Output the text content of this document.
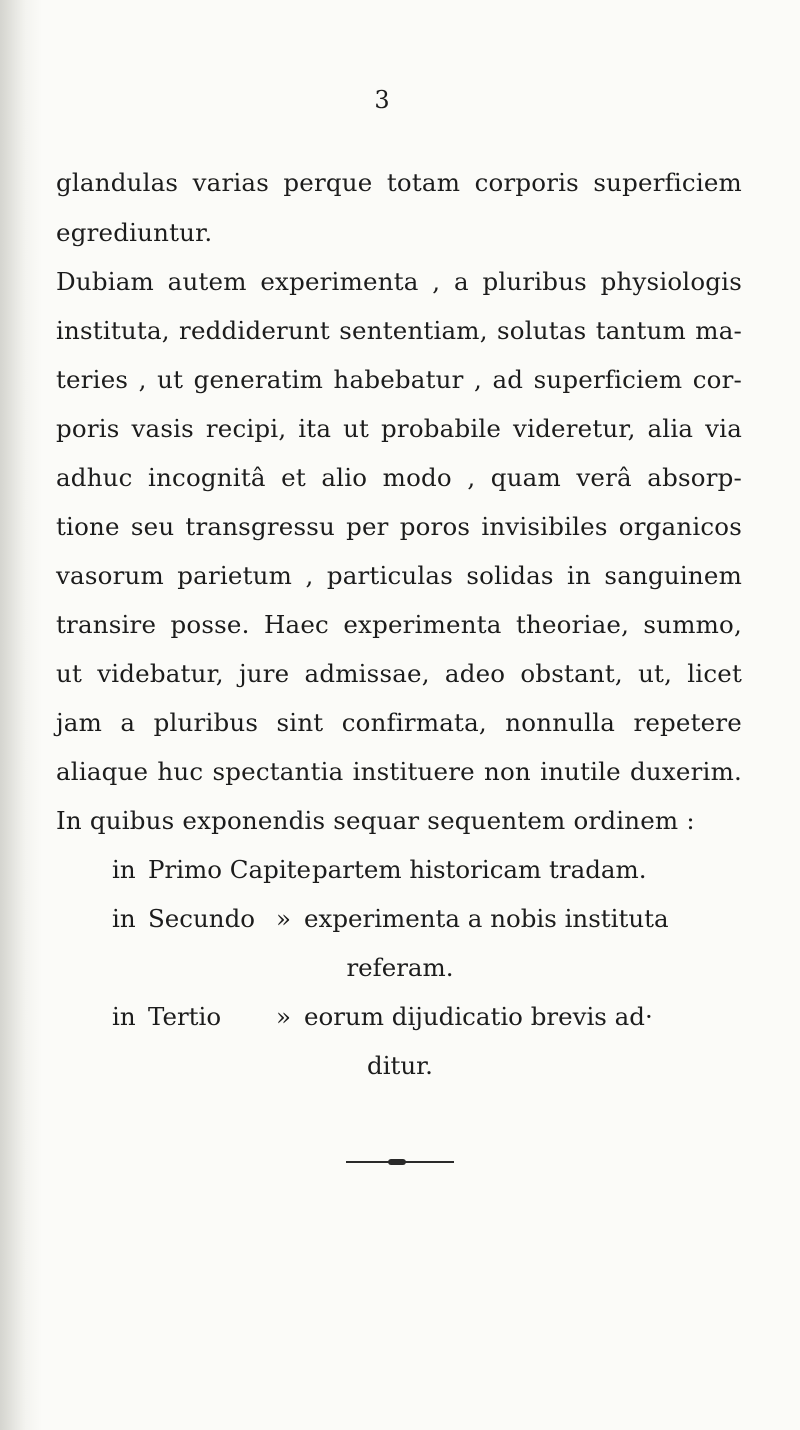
3
glandulas varias perque totam corporis superficiem
egrediuntur.
Dubiam autem experimenta , a pluribus physiologis
instituta, reddiderunt sententiam, solutas tantum ma-
teries , ut generatim habebatur , ad superficiem cor-
poris vasis recipi, ita ut probabile videretur, alia via
adhuc incognitâ et alio modo , quam verâ absorp-
tione seu transgressu per poros invisibiles organicos
vasorum parietum , particulas solidas in sanguinem
transire posse. Haec experimenta theoriae, summo,
ut videbatur, jure admissae, adeo obstant, ut, licet
jam a pluribus sint confirmata, nonnulla repetere
aliaque huc spectantia instituere non inutile duxerim.
In quibus exponendis sequar sequentem ordinem :
in Primo Capite partem historicam tradam.
in Secundo » experimenta a nobis instituta
referam.
in Tertio » eorum dijudicatio brevis ad·
ditur.
